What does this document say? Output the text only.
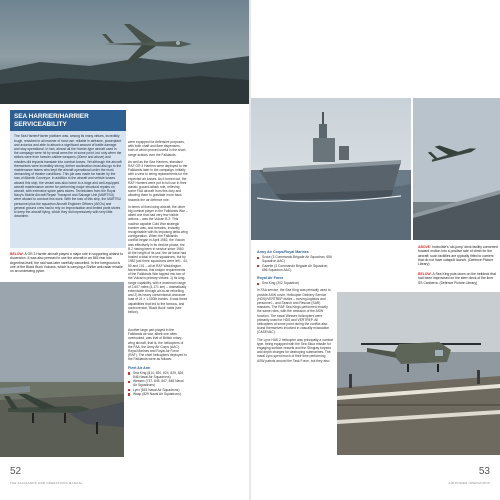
SEA HARRIER/HARRIER SERVICEABILITY

The Sea Harrier/Harrier platform was, among its many virtues, incredibly tough, resistant to all manner of hard use, reliable in airframe, powerplant and avionics and able to absorb a significant amount of battle damage and stay operational. In fact, almost all the Harrier-type aircraft used in the campaign were hit by small arms fire at some point, but only when the strikes were from heavier-calibre weapons (30mm and above) and missiles did impacts translate into combat losses. Yet although the aircraft themselves were incredibly strong, further acclimation must also go to the maintenance teams who kept the aircraft operational under the most demanding of theatre conditions. This job was made far harder by the loss of Atlantic Conveyor. In addition to the aircraft and vehicle losses aboard this ship, the vessel was also home to a large and well-equipped aircraft maintenance centre for performing major structural repairs on aircraft, with extensive spare parts stores. Technicians from the Royal Navy's Mobile Aircraft Repair Transport and Salvage Unit (MARTSU) were aboard to conduct this work. With the loss of this ship, the MARTSU personnel plus the squadron Aircraft Engineer Officers (AEOs) and general ground crew had to rely on improvisation and limited parts stores to keep the aircraft flying, which they did impressively with very little downtime.

were equipped for defensive purposes, with both chaff and flare dispensers, both of which proved useful in the short-range actions over the Falklands.

As well as the Sea Harriers, standard RAF GR.3 Harriers were deployed to the Falklands later in the campaign, initially with a view to being replacements for the expected air losses. As it turned out, the RAF Harriers were put to full use in their classic ground-attack role, relieving some FAA aircraft from this duty and allowing them to gravitate more back towards the air defence role.

In terms of fixed-wing aircraft, the other big combat player in the Falklands War – albeit one that had very few visible actions – was the Vulcan B.2. This nuclear capable Cold War strategic bomber was, and remains, instantly recognisable with its imposing delta-wing configuration. When the Falklands conflict began in April 1982, the Vulcan was effectively in its decline phase, the B.2 having been in service since 1960. At the height of its use, the air base had hosted a total of nine squadrons, but by 1982 just three squadrons were left – 44, 50 and 101 – all at RAF Waddington. Nevertheless, this unique requirements of the Falklands War tapped into two of the Vulcan's primary virtues: 1) its long-range capability, with a maximum range of 2,607 miles (4,171 km) – dramatically extendable through air-to-air refuelling and 2) its heavy conventional ordnance load of 21 × 1,000lb bombs. It was these capabilities that led to the famous, and controversial, 'Black Buck' raids (see below).

Another large part played in the Falklands air war, albeit one often overlooked, was that of British rotary-wing aircraft, that is, the helicopters of the FAA, the Army Air Corps (AAC), Royal Marines and Royal Air Force (RAF). The chief helicopters deployed to the Falklands were as follows:

Fleet Air Arm
Sea King (814, 820, 824, 825, 826, 846 Naval Air Squadrons)
Wessex (737, 845, 847, 848 Naval Air Squadrons)
Lynx (815 Naval Air Squadrons)
Wasp (829 Naval Air Squadrons)

BELOW: A GR.3 Harrier aircraft played a major role in supporting airland to Ascension. It was also pressed in use the aircraft in an 845 rear into Argentina itself, the raid was later carefully cancelled. In the foreground is one of the Black Buck Vulcans, which is carrying a Shrike anti-radar missile on an underwing pylon.

52
THE FALKLANDS WAR OPERATIONS MANUAL
Army Air Corps/Royal Marines
Scout (3 Commando Brigade Air Squadron; 656 Squadron AAC)
Gazelle (3 Commando Brigade Air Squadron; 656 Squadron AAC)
Royal Air Force
Sea King (202 Squadron)

In FAA service, the Sea King was primarily used to provide ASW cover, Helicopter Delivery Service (HDS)/VERTREP duties – moving logistics and personnel – and Search and Rescue (SAR) missions. The RAF Sea Kings performed exactly the same roles, with the omission of the ASW function. The naval Wessex helicopters were primarily used for HDS and VERTREP. All helicopters at some point during the conflict also found themselves involved in casualty evacuation (CASEVAC).

The Lynx HAS.2 helicopter was principally a combat type, being equipped with the Sea Skua missile for engaging surface vessels and the Stingray torpedo and depth charges for destroying submarines. The naval Lynx spent much of their time performing ASW patrols around the Task Force, but they also

ABOVE: Invincible's 'ski-jump' deck facility converted forward motion into a positive rate of climb for the aircraft; such facilities are typically fitted to carriers that do not have catapult launch. (Defence Picture Library)

BELOW: A Sea King puts down on the helideck that had been improvised on the stern deck of the liner SS Canberra. (Defence Picture Library)

53
AIR POWER OPERATIONS
